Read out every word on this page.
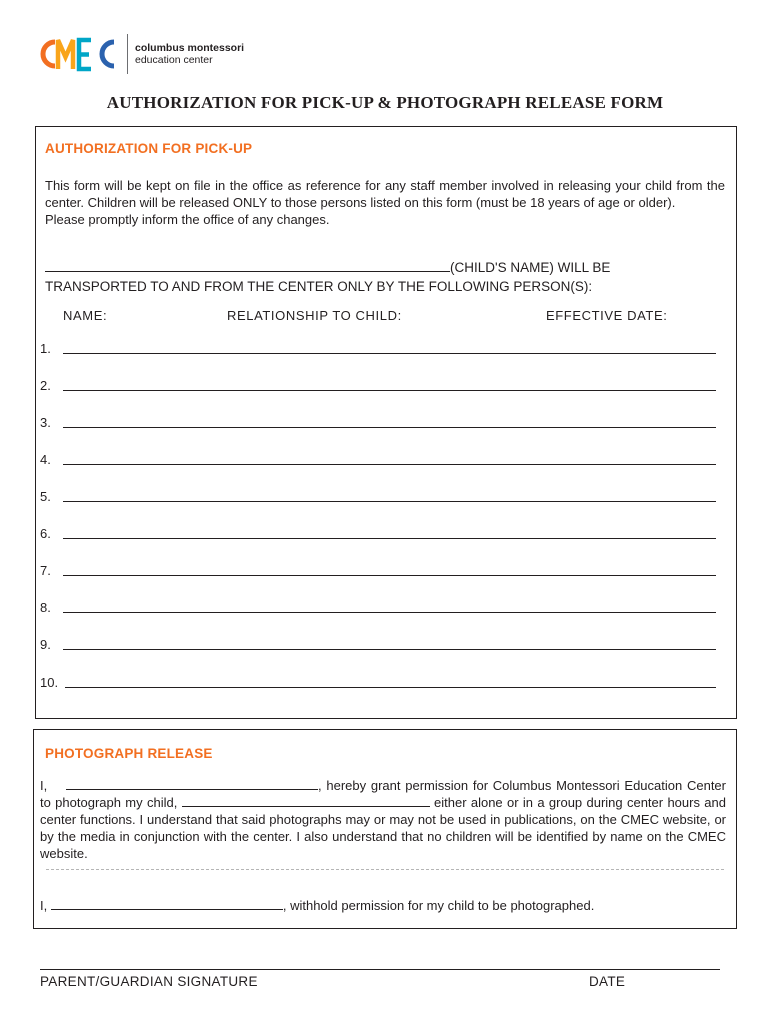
columbus montessori
education center
AUTHORIZATION FOR PICK-UP & PHOTOGRAPH RELEASE FORM
AUTHORIZATION FOR PICK-UP

This form will be kept on file in the office as reference for any staff member involved in releasing your child from the center. Children will be released ONLY to those persons listed on this form (must be 18 years of age or older).

Please promptly inform the office of any changes.

(CHILD'S NAME) WILL BE
TRANSPORTED TO AND FROM THE CENTER ONLY BY THE FOLLOWING PERSON(S):
NAME:	RELATIONSHIP TO CHILD:	EFFECTIVE DATE:
1.
2.
3.
4.
5.
6.
7.
8.
9.
10.
PHOTOGRAPH RELEASE
I,	, hereby grant permission for Columbus Montessori Education Center to photograph my child,	either alone or in a group during center hours and center functions. I understand that said photographs may or may not be used in publications, on the CMEC website, or by the media in conjunction with the center. I also understand that no children will be identified by name on the CMEC website.
I,	, withhold permission for my child to be photographed.
PARENT/GUARDIAN SIGNATURE	DATE
